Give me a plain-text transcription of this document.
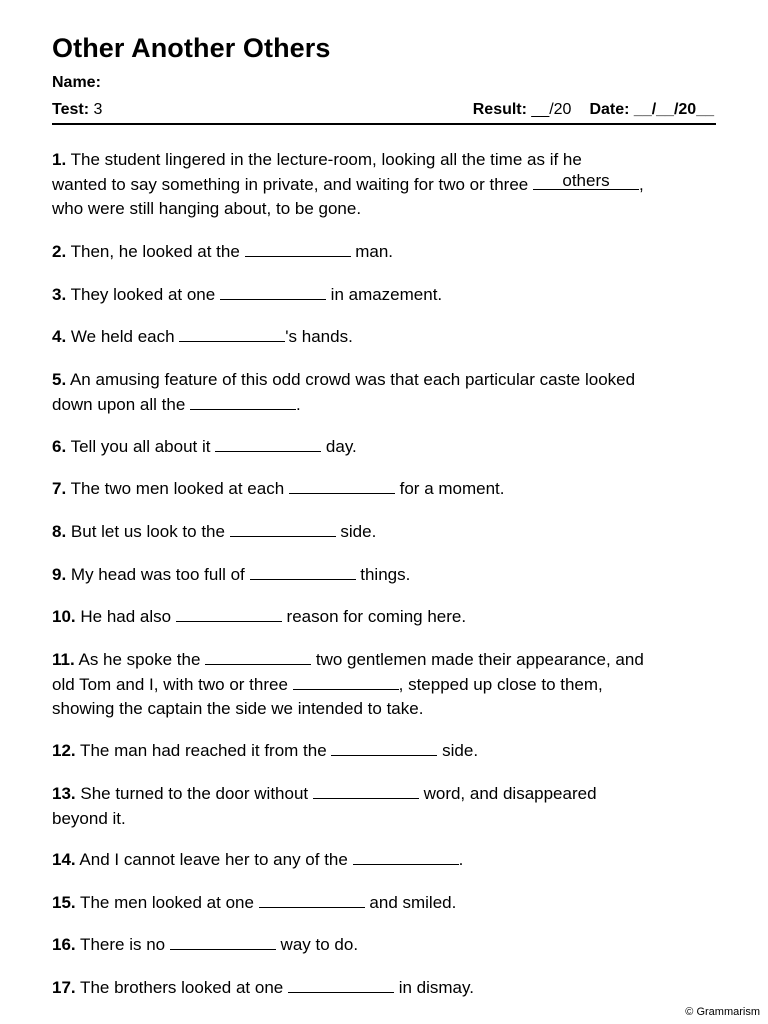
Other Another Others
Name:
Test: 3	Result: __/20 Date: __/__/20__
1. The student lingered in the lecture-room, looking all the time as if he
wanted to say something in private, and waiting for two or three others ,
who were still hanging about, to be gone.
2. Then, he looked at the	man.
3. They looked at one	in amazement.
4. We held each	's hands.
5. An amusing feature of this odd crowd was that each particular caste looked
down upon all the	.
6. Tell you all about it	day.
7. The two men looked at each	for a moment.
8. But let us look to the	side.
9. My head was too full of	things.
10. He had also	reason for coming here.
11. As he spoke the	two gentlemen made their appearance, and
old Tom and I, with two or three	, stepped up close to them,
showing the captain the side we intended to take.
12. The man had reached it from the	side.
13. She turned to the door without	word, and disappeared
beyond it.
14. And I cannot leave her to any of the	.
15. The men looked at one	and smiled.
16. There is no	way to do.
17. The brothers looked at one	in dismay.
© Grammarism
